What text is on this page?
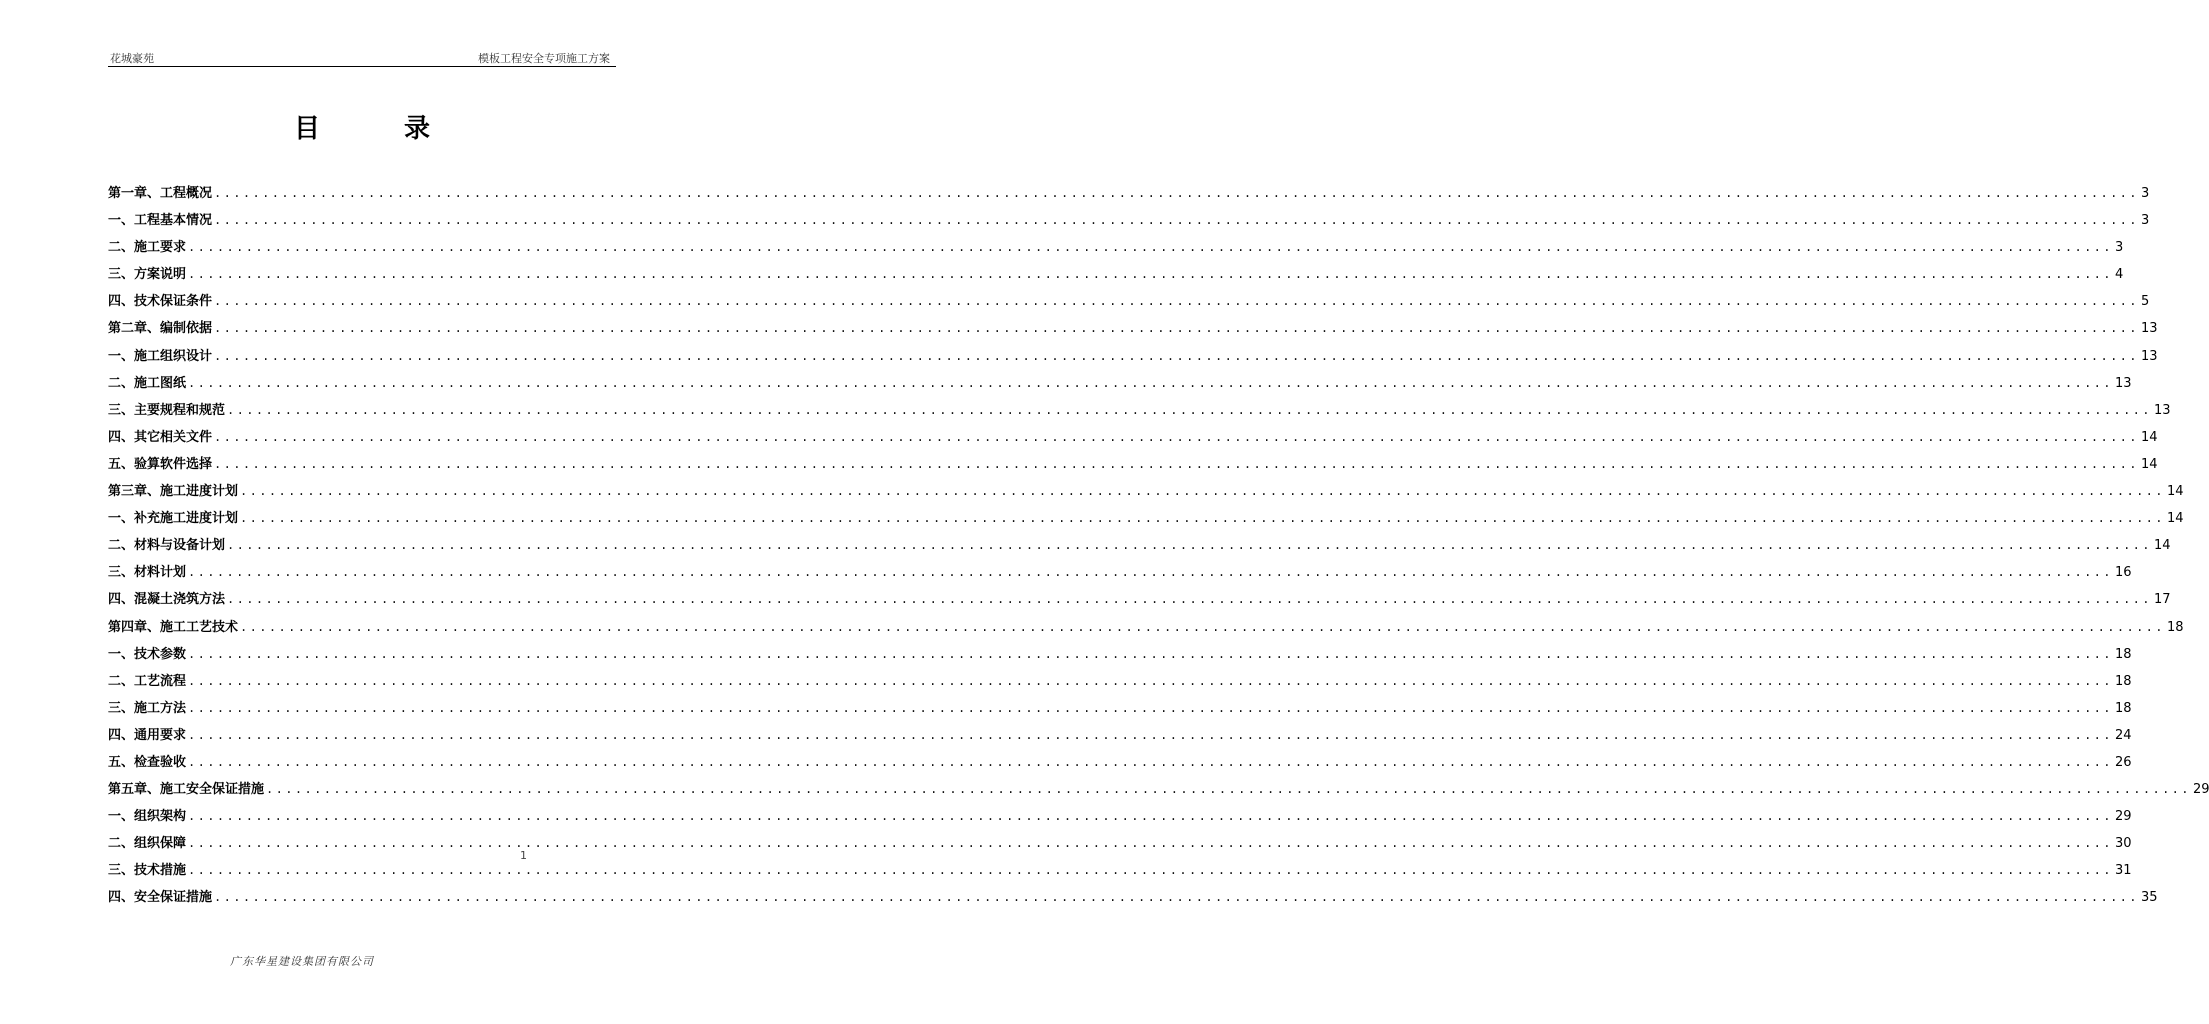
花城豪苑	模板工程安全专项施工方案
目录
第一章、工程概况 ........................................................................................................................................................................................................ 3
一、工程基本情况 ........................................................................................................................................................................................................ 3
二、施工要求 ........................................................................................................................................................................................................ 3
三、方案说明 ........................................................................................................................................................................................................ 4
四、技术保证条件 ........................................................................................................................................................................................................ 5
第二章、编制依据 ........................................................................................................................................................................................................ 13
一、施工组织设计 ........................................................................................................................................................................................................ 13
二、施工图纸 ........................................................................................................................................................................................................ 13
三、主要规程和规范 ........................................................................................................................................................................................................ 13
四、其它相关文件 ........................................................................................................................................................................................................ 14
五、验算软件选择 ........................................................................................................................................................................................................ 14
第三章、施工进度计划 ........................................................................................................................................................................................................ 14
一、补充施工进度计划 ........................................................................................................................................................................................................ 14
二、材料与设备计划 ........................................................................................................................................................................................................ 14
三、材料计划 ........................................................................................................................................................................................................ 16
四、混凝土浇筑方法 ........................................................................................................................................................................................................ 17
第四章、施工工艺技术 ........................................................................................................................................................................................................ 18
一、技术参数 ........................................................................................................................................................................................................ 18
二、工艺流程 ........................................................................................................................................................................................................ 18
三、施工方法 ........................................................................................................................................................................................................ 18
四、通用要求 ........................................................................................................................................................................................................ 24
五、检查验收 ........................................................................................................................................................................................................ 26
第五章、施工安全保证措施 ........................................................................................................................................................................................................ 29
一、组织架构 ........................................................................................................................................................................................................ 29
二、组织保障 ........................................................................................................................................................................................................ 30
三、技术措施 ........................................................................................................................................................................................................ 31
四、安全保证措施 ........................................................................................................................................................................................................ 35
1
广东华星建设集团有限公司
